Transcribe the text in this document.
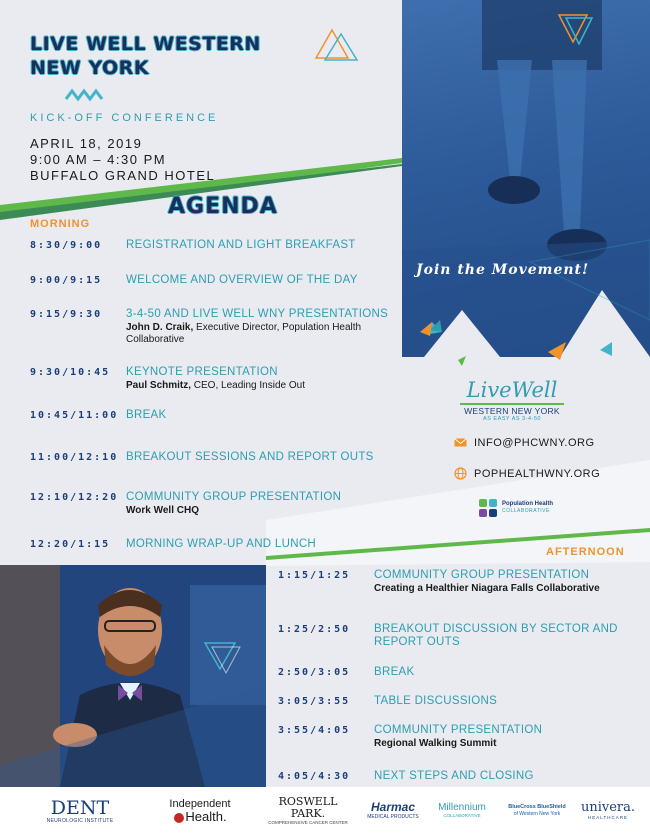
LIVE WELL WESTERN NEW YORK
KICK-OFF CONFERENCE
APRIL 18, 2019
9:00 AM – 4:30 PM
BUFFALO GRAND HOTEL
AGENDA
MORNING
AFTERNOON
8:30/9:00 REGISTRATION AND LIGHT BREAKFAST
9:00/9:15 WELCOME AND OVERVIEW OF THE DAY
9:15/9:30 3-4-50 AND LIVE WELL WNY PRESENTATIONS
John D. Craik, Executive Director, Population Health Collaborative
9:30/10:45 KEYNOTE PRESENTATION
Paul Schmitz, CEO, Leading Inside Out
10:45/11:00 BREAK
11:00/12:10 BREAKOUT SESSIONS AND REPORT OUTS
12:10/12:20 COMMUNITY GROUP PRESENTATION
Work Well CHQ
12:20/1:15 MORNING WRAP-UP AND LUNCH
1:15/1:25 COMMUNITY GROUP PRESENTATION
Creating a Healthier Niagara Falls Collaborative
1:25/2:50 BREAKOUT DISCUSSION BY SECTOR AND REPORT OUTS
2:50/3:05 BREAK
3:05/3:55 TABLE DISCUSSIONS
3:55/4:05 COMMUNITY PRESENTATION
Regional Walking Summit
4:05/4:30 NEXT STEPS AND CLOSING
Join the Movement!
LiveWell
WESTERN NEW YORK
AS EASY AS 3-4-50
INFO@PHCWNY.ORG
POPHEALTHWNY.ORG
Population Health
COLLABORATIVE
DENT
NEUROLOGIC INSTITUTE
Independent
Health.
ROSWELL PARK.
COMPREHENSIVE CANCER CENTER
Harmac
MEDICAL PRODUCTS
Millennium
COLLABORATIVE
BlueCross BlueShield
of Western New York univera.
HEALTHCARE
